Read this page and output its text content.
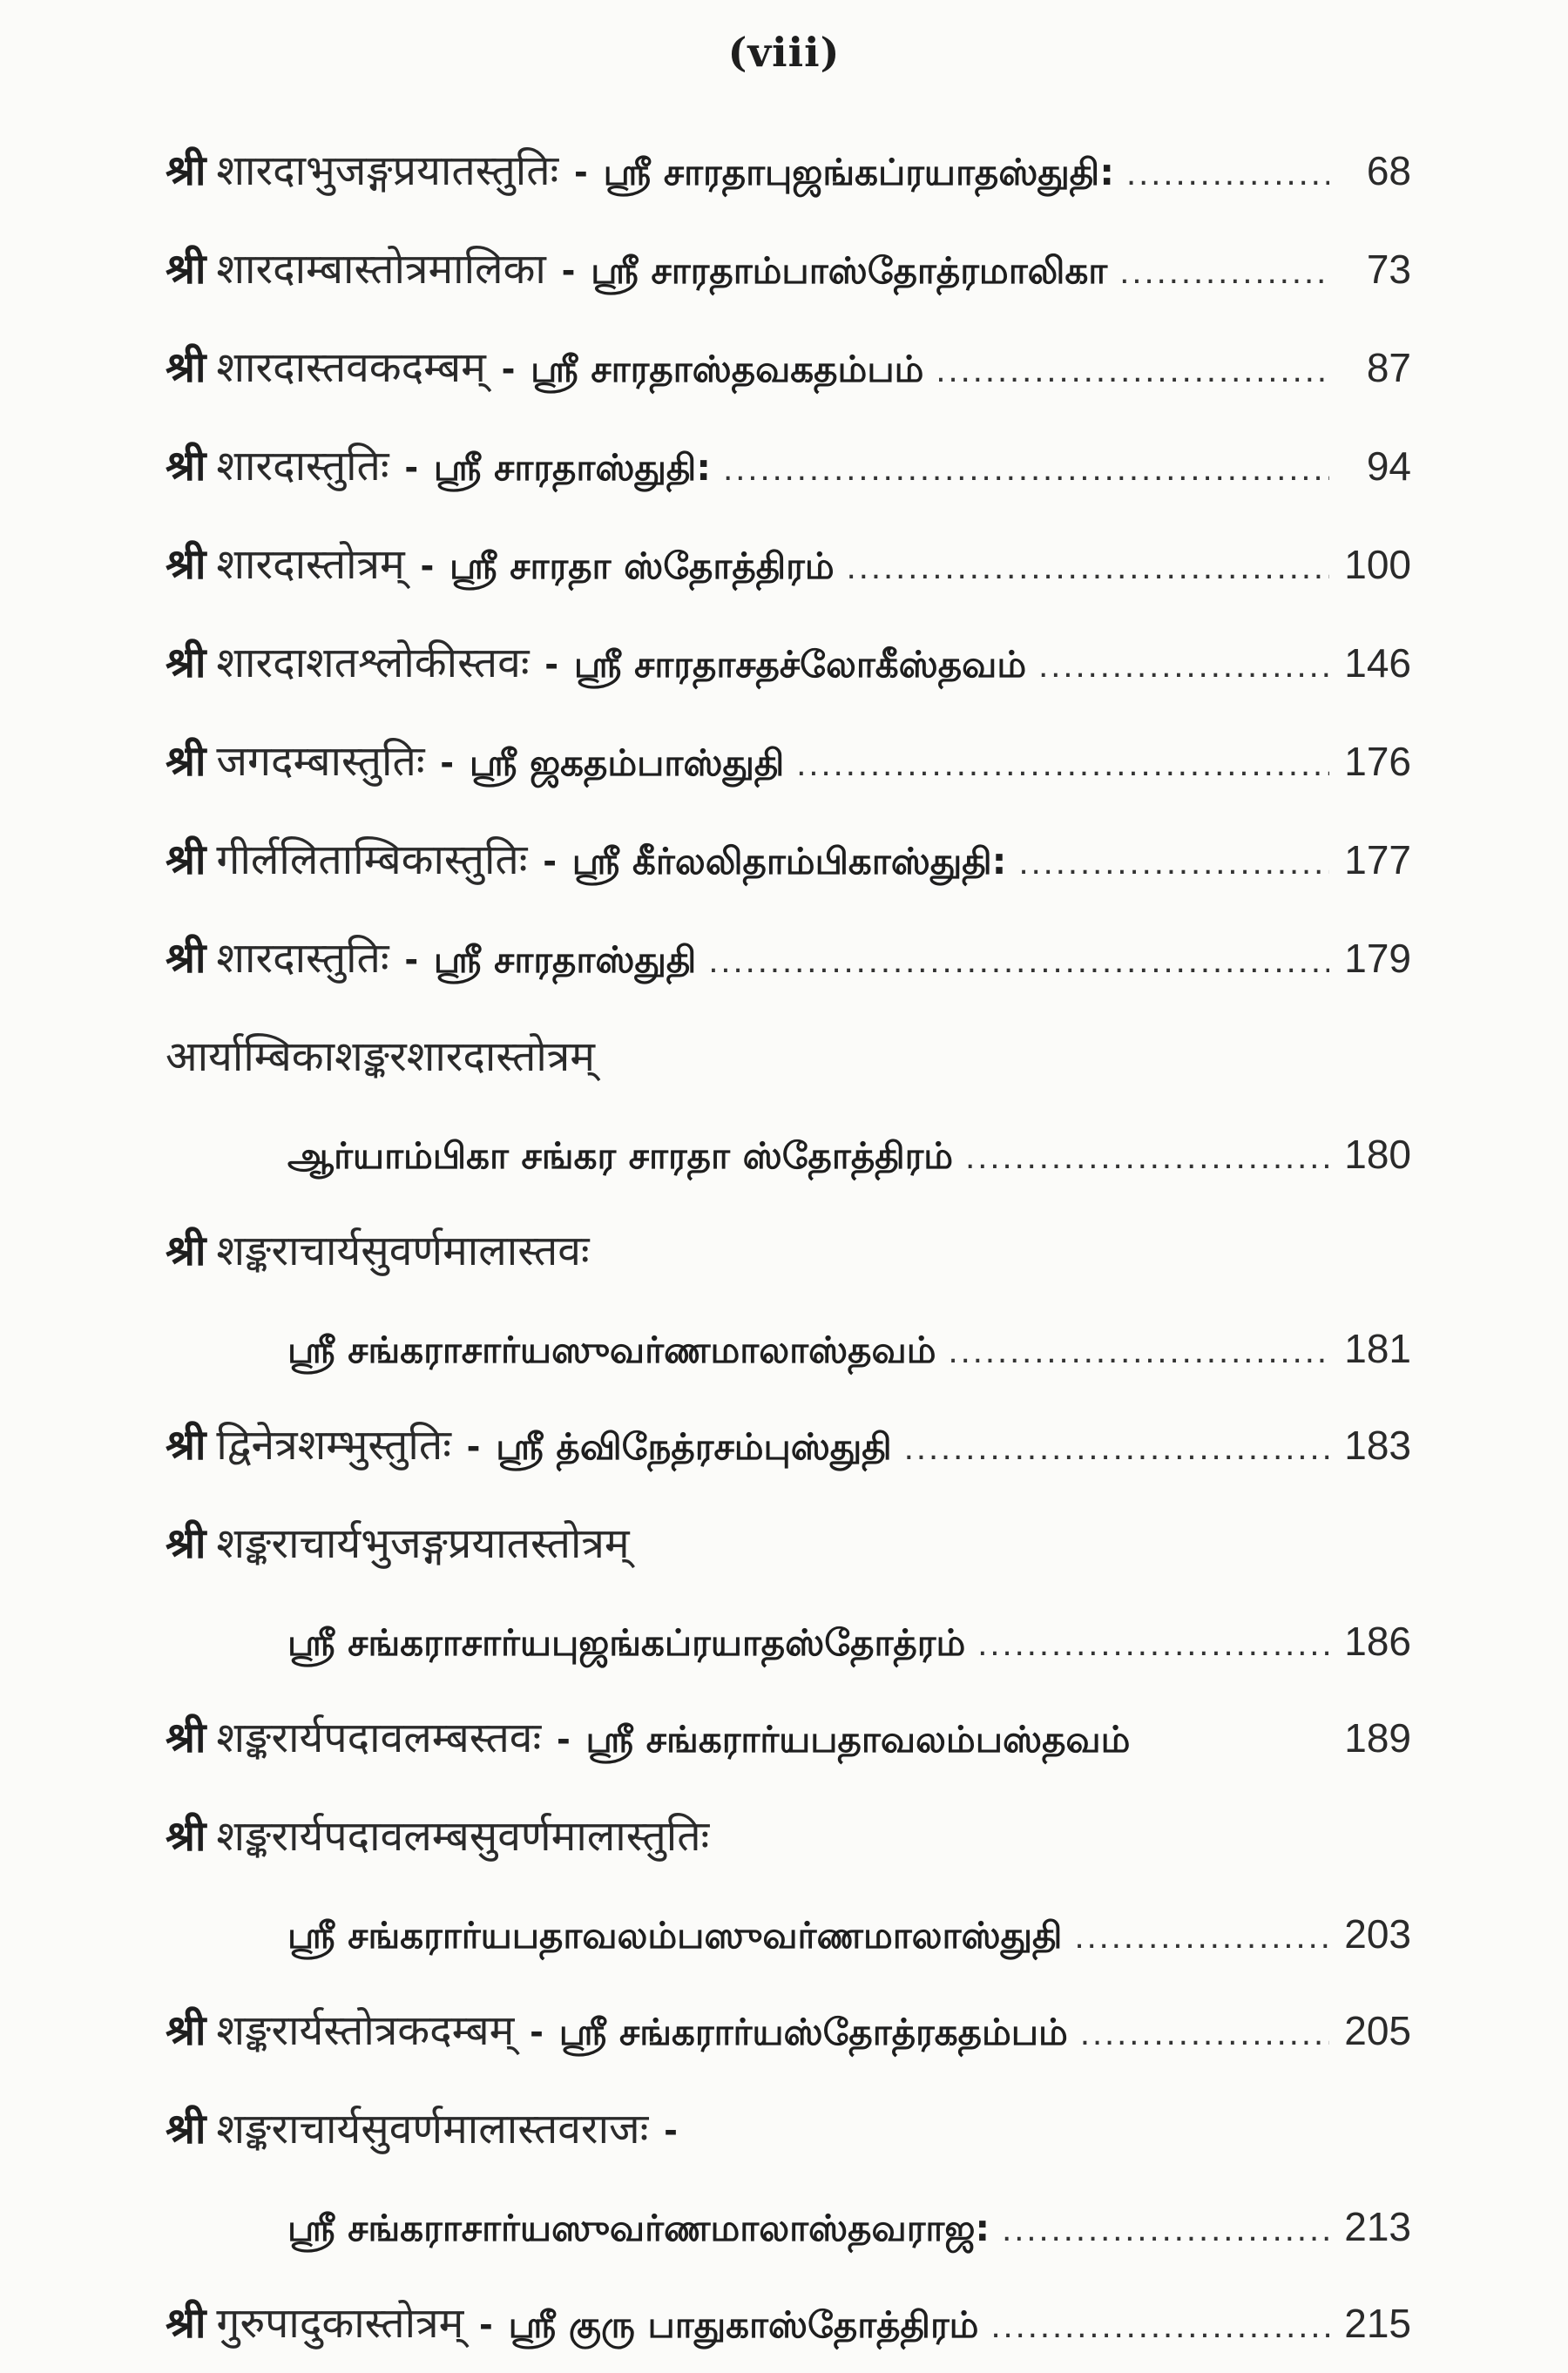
(viii)
श्री शारदाभुजङ्गप्रयातस्तुतिः - ஸ்ரீ சாரதாபுஜங்கப்ரயாதஸ்துதி: .....	68
श्री शारदाम्बास्तोत्रमालिका - ஸ்ரீ சாரதாம்பாஸ்தோத்ரமாலிகா .....	73
श्री शारदास्तवकदम्बम् - ஸ்ரீ சாரதாஸ்தவகதம்பம் .....	87
श्री शारदास्तुतिः - ஸ்ரீ சாரதாஸ்துதி: .....	94
श्री शारदास्तोत्रम् - ஸ்ரீ சாரதா ஸ்தோத்திரம் .....	100
श्री शारदाशतश्लोकीस्तवः - ஸ்ரீ சாரதாசதச்லோகீஸ்தவம் .....	146
श्री जगदम्बास्तुतिः - ஸ்ரீ ஜகதம்பாஸ்துதி .....	176
श्री गीर्ललिताम्बिकास्तुतिः - ஸ்ரீ கீர்லலிதாம்பிகாஸ்துதி: .....	177
श्री शारदास्तुतिः - ஸ்ரீ சாரதாஸ்துதி .....	179
आर्याम्बिकाशङ्करशारदास्तोत्रम्
ஆர்யாம்பிகா சங்கர சாரதா ஸ்தோத்திரம் .....	180
श्री शङ्कराचार्यसुवर्णमालास्तवः
ஸ்ரீ சங்கராசார்யஸுவர்ணமாலாஸ்தவம் .....	181
श्री द्विनेत्रशम्भुस्तुतिः - ஸ்ரீ த்விநேத்ரசம்புஸ்துதி .....	183
श्री शङ्कराचार्यभुजङ्गप्रयातस्तोत्रम्
ஸ்ரீ சங்கராசார்யபுஜங்கப்ரயாதஸ்தோத்ரம் .....	186
श्री शङ्करार्यपदावलम्बस्तवः - ஸ்ரீ சங்கரார்யபதாவலம்பஸ்தவம்	189
श्री शङ्करार्यपदावलम्बसुवर्णमालास्तुतिः
ஸ்ரீ சங்கரார்யபதாவலம்பஸுவர்ணமாலாஸ்துதி .....	203
श्री शङ्करार्यस्तोत्रकदम्बम् - ஸ்ரீ சங்கரார்யஸ்தோத்ரகதம்பம் .....	205
श्री शङ्कराचार्यसुवर्णमालास्तवराजः -
ஸ்ரீ சங்கராசார்யஸுவர்ணமாலாஸ்தவராஜ: .....	213
श्री गुरुपादुकास्तोत्रम् - ஸ்ரீ குரு பாதுகாஸ்தோத்திரம் .....	215
